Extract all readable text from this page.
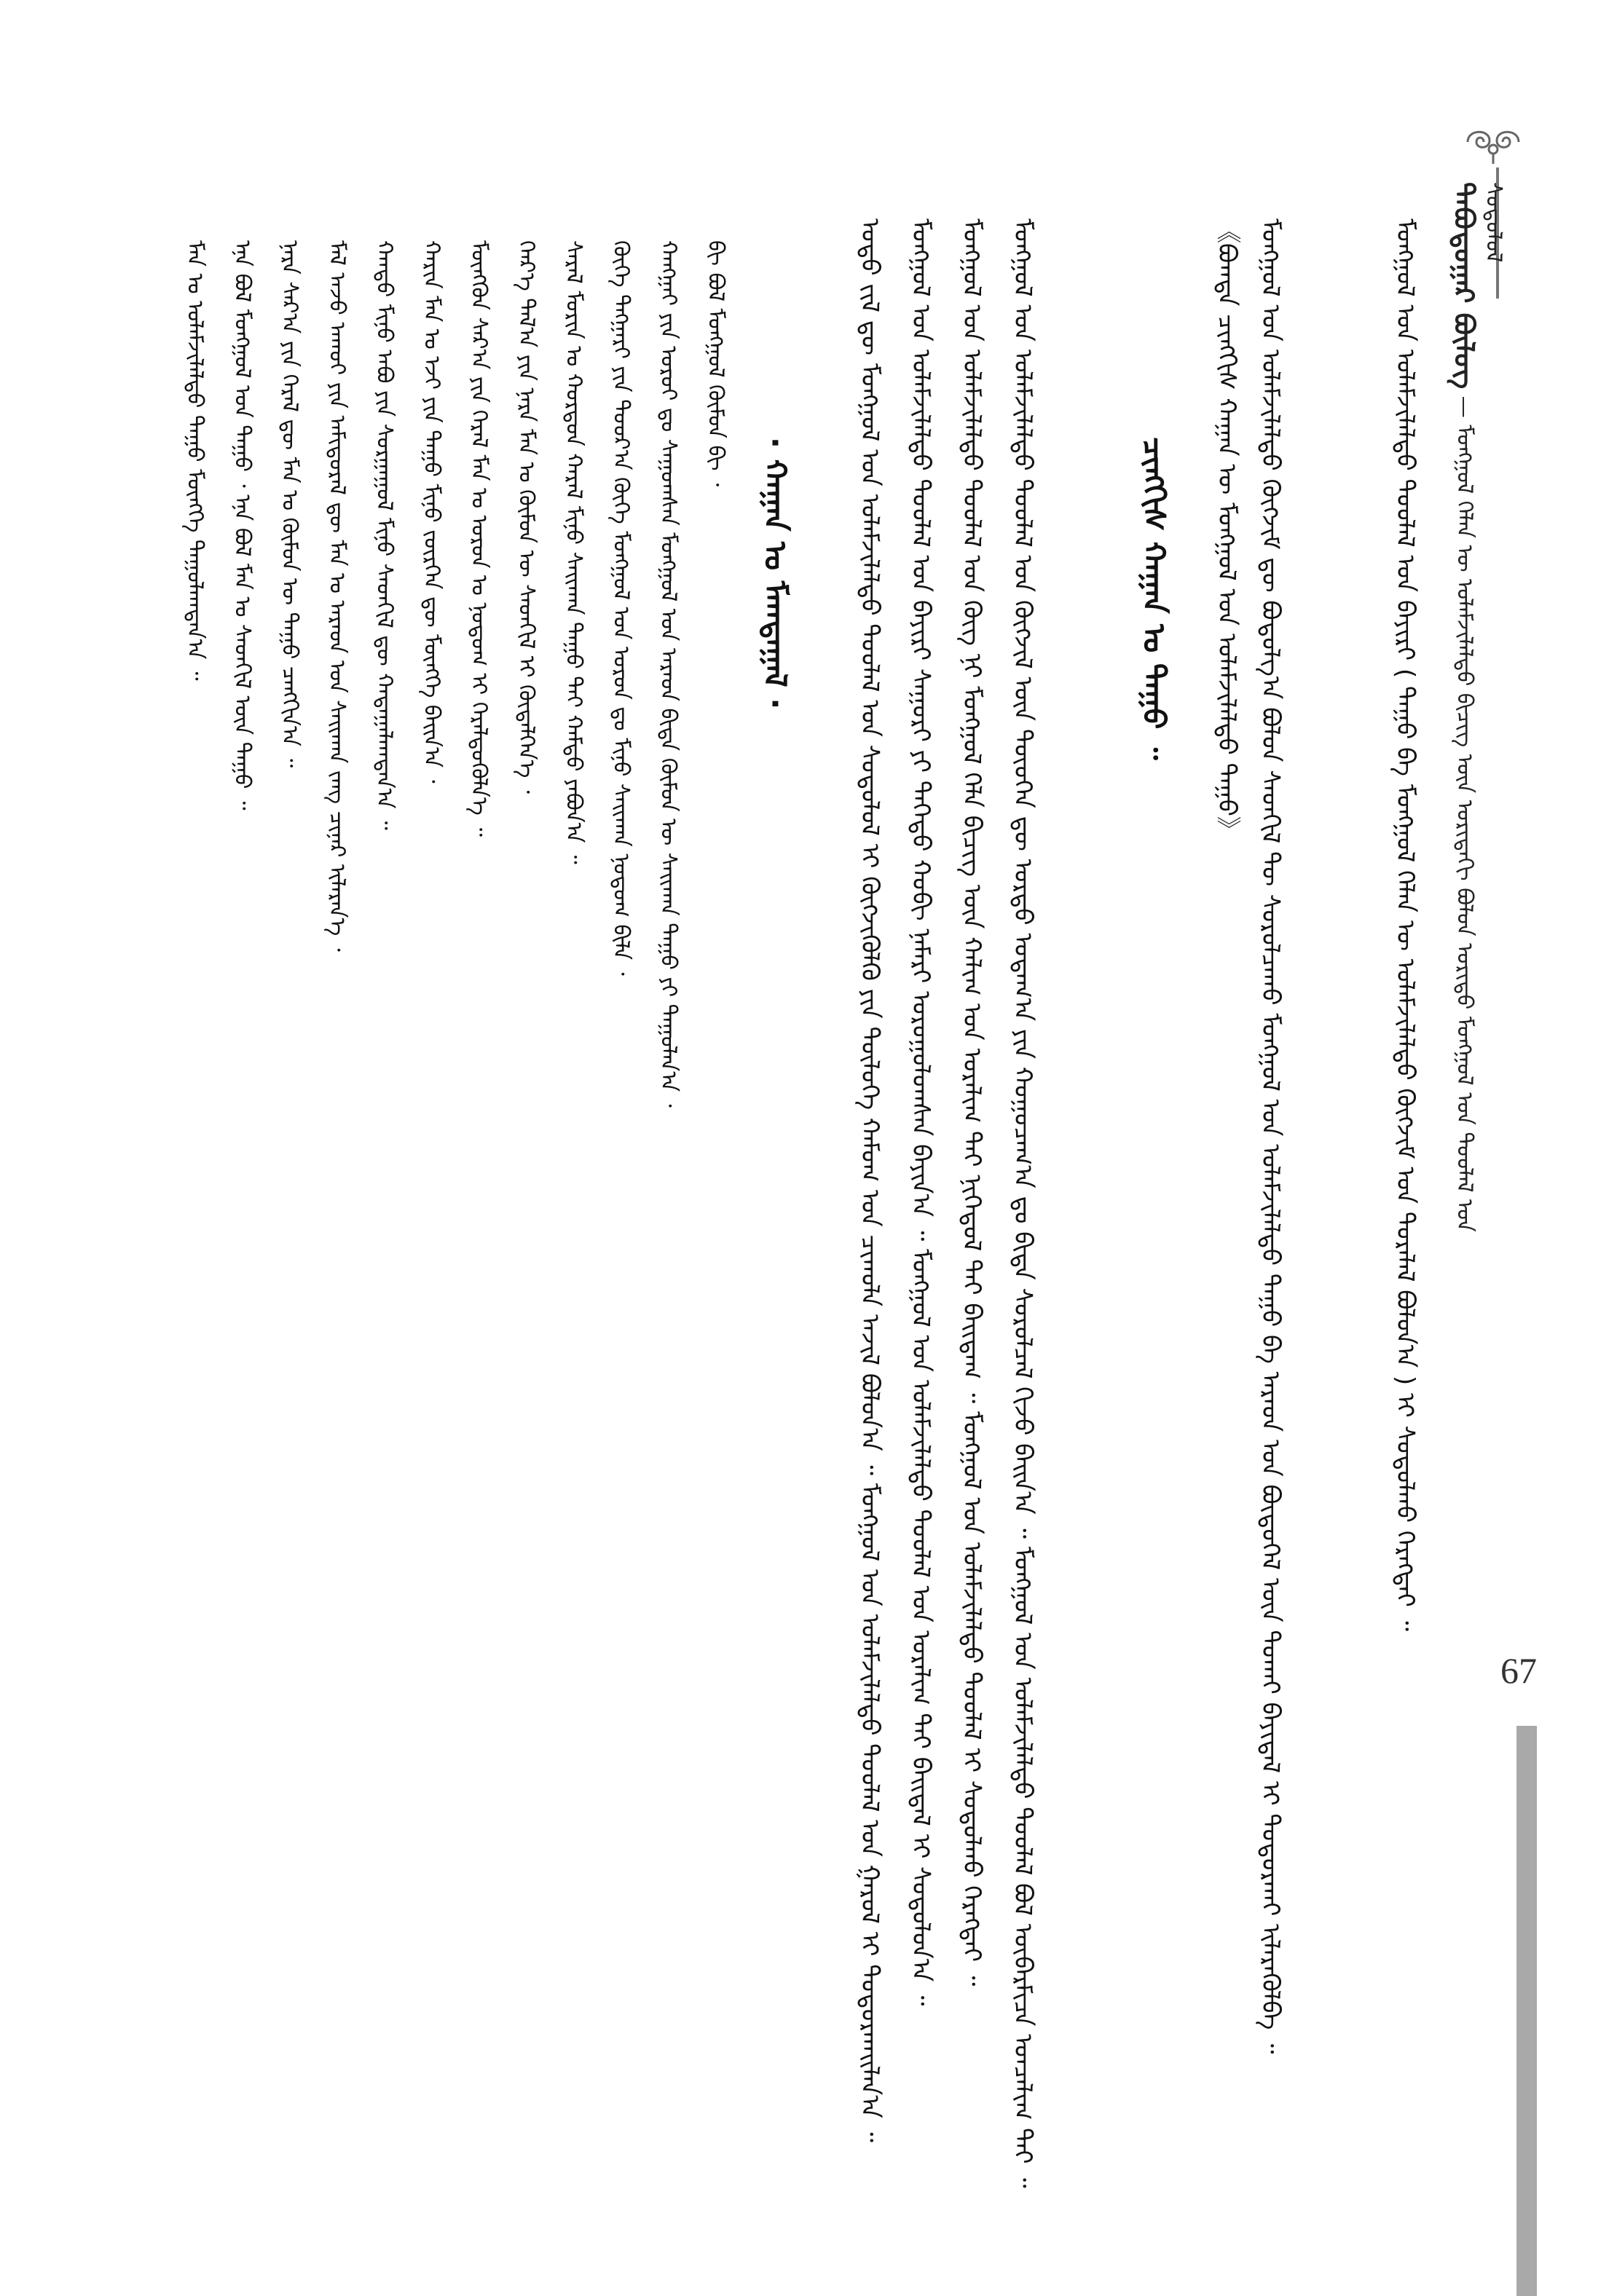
ᠲᠠᠪᠤᠳᠤᠭᠠᠷ ᠪᠦᠯᠦᠭ — ᠮᠣᠩᠭᠣᠯ ᠬᠡᠯᠡᠨ ᠦ ᠤᠯᠠᠮᠵᠢᠯᠠᠯᠲᠤ ᠪᠢᠴᠢᠭ ᠦᠨ ᠤᠷᠢᠳᠠᠬᠢ ᠪᠤᠯᠤᠨ ᠤᠷᠢᠳᠤ ᠮᠣᠩᠭᠣᠯ ᠤᠨ ᠳᠤᠤᠯᠠᠯ ᠤᠨ ᠰᠤᠳᠤᠯᠤᠯ
ᠮᠣᠩᠭᠣᠯ ᠤᠨ ᠤᠯᠠᠮᠵᠢᠯᠠᠯᠲᠤ ᠳᠤᠤᠯᠠᠯ ᠤᠨ ᠪᠠᠶᠢᠷᠢ ( ᠳᠠᠭᠤ ᠪᠠ ᠮᠣᠩᠭᠣᠯ ᠬᠡᠯᠡᠨ ᠦ ᠤᠯᠠᠮᠵᠢᠯᠠᠯᠲᠤ ᠬᠦᠭᠵᠢᠮ ᠤᠨ ᠳᠤᠷᠠᠯᠠᠯ ᠪᠤᠯᠤᠨ᠎ᠠ ) ᠢ ᠰᠤᠳᠤᠯᠬᠤ ᠬᠡᠷᠡᠭᠲᠡᠢ ᠃
ᠮᠣᠩᠭᠣᠯ ᠤᠨ ᠤᠯᠠᠮᠵᠢᠯᠠᠯᠲᠤ ᠬᠦᠭᠵᠢᠮ ᠳᠦ ᠪᠣᠳᠣᠯᠭ᠎ᠠ ᠪᠣᠯᠤᠨ ᠰᠡᠳᠭᠢᠯ ᠲᠦ ᠰᠤᠷᠤᠯᠴᠠᠬᠤ ᠮᠣᠩᠭᠣᠯ ᠤᠨ ᠤᠯᠠᠮᠵᠢᠯᠠᠯᠲᠤ ᠳᠠᠭᠤ ᠪᠠ ᠠᠷᠠᠳ ᠤᠨ ᠪᠦᠲᠦᠭᠡᠯ ᠦᠨ ᠲᠤᠬᠠᠢ ᠪᠠᠶᠢᠳᠠᠯ ᠢ ᠲᠣᠳᠣᠷᠬᠠᠶ ᠢᠯᠡᠷᠡᠭᠦᠯᠪᠡ ᠃
《ᠪᠣᠭᠳᠠ ᠴᠢᠩᠭᠢᠰ ᠬᠠᠭᠠᠨ ᠦ ᠮᠣᠩᠭᠣᠯ ᠤᠨ ᠤᠯᠠᠮᠵᠢᠯᠠᠯᠲᠤ ᠳᠠᠭᠤ》
ᠴᠢᠩᠭᠢᠰ ᠬᠠᠭᠠᠨ ᠤ ᠳᠠᠭᠤ ᠃
ᠮᠣᠩᠭᠣᠯ ᠤᠨ ᠤᠯᠠᠮᠵᠢᠯᠠᠯᠲᠤ ᠳᠤᠤᠯᠠᠯ ᠤᠨ ᠬᠥᠭᠵᠢᠯ ᠦᠨ ᠲᠦᠦᠬᠡᠨ ᠳᠦ ᠤᠷᠲᠤ ᠤᠳᠠᠭ᠎ᠠ ᠶᠢᠨ ᠬᠤᠭᠤᠴᠠᠭ᠎ᠠ ᠳᠤ ᠪᠢᠳᠡ ᠰᠤᠷᠤᠯᠴᠠᠯ ᠬᠢᠵᠦ ᠪᠠᠢᠨ᠎ᠠ ᠃ ᠮᠣᠩᠭᠣᠯ ᠤᠨ ᠤᠯᠠᠮᠵᠢᠯᠠᠯᠲᠤ ᠳᠤᠤᠯᠠᠯ ᠪᠣᠯ ᠥᠪᠡᠷᠮᠢᠴᠡ ᠣᠨᠴᠠᠯᠢᠭ ᠲᠠᠢ ᠃
ᠮᠣᠩᠭᠣᠯ ᠤᠨ ᠤᠯᠠᠮᠵᠢᠯᠠᠯᠲᠤ ᠳᠤᠤᠯᠠᠯ ᠤᠨ ᠬᠥᠭ ᠨᠢ ᠮᠣᠩᠭᠣᠯ ᠬᠡᠯᠡ ᠪᠢᠴᠢᠭ ᠦᠨ ᠬᠠᠯᠢᠭ ᠤᠨ ᠤᠷᠠᠯᠢᠭ ᠲᠠᠢ ᠨᠢᠭᠡᠳᠦᠯ ᠲᠡᠢ ᠪᠠᠢᠳᠠᠭ ᠃ ᠮᠣᠩᠭᠣᠯ ᠤᠨ ᠤᠯᠠᠮᠵᠢᠯᠠᠯᠲᠤ ᠳᠤᠤᠯᠠᠯ ᠢ ᠰᠤᠳᠤᠯᠬᠤ ᠬᠡᠷᠡᠭᠲᠡᠢ ᠃
ᠮᠣᠩᠭᠣᠯ ᠤᠨ ᠤᠯᠠᠮᠵᠢᠯᠠᠯᠲᠤ ᠳᠤᠤᠯᠠᠯ ᠤᠨ ᠪᠠᠶᠢᠷᠢ ᠰᠠᠭᠤᠷᠢ ᠶᠢ ᠳᠡᠭᠡᠳᠦ ᠬᠤᠪᠢ ᠨᠡᠮᠡᠷᠢ ᠣᠷᠣᠭᠤᠯᠤᠭᠰᠠᠨ ᠪᠠᠶᠢᠨ᠎ᠠ ᠃ ᠮᠣᠩᠭᠣᠯ ᠤᠨ ᠤᠯᠠᠮᠵᠢᠯᠠᠯᠲᠤ ᠳᠤᠤᠯᠠᠯ ᠤᠨ ᠤᠷᠠᠯᠢᠭ ᠲᠠᠢ ᠪᠠᠢᠳᠠᠯ ᠢ ᠰᠤᠳᠤᠯᠤᠨ᠎ᠠ ᠃
ᠣᠳᠣ ᠵᠢᠯ ᠳᠦ ᠮᠣᠩᠭᠣᠯ ᠤᠨ ᠤᠯᠠᠮᠵᠢᠯᠠᠯᠲᠤ ᠳᠤᠤᠯᠠᠯ ᠤᠨ ᠰᠤᠳᠤᠯᠤᠯ ᠢ ᠬᠥᠭᠵᠢᠭᠦᠯᠬᠦ ᠶᠢᠨ ᠲᠥᠯᠥᠭᠡ ᠬᠠᠮᠤᠭ ᠤᠨ ᠴᠢᠬᠤᠯᠠ ᠠᠵᠢᠯ ᠪᠣᠯᠤᠨ᠎ᠠ ᠃ ᠮᠣᠩᠭᠣᠯ ᠤᠨ ᠤᠯᠠᠮᠵᠢᠯᠠᠯᠲᠤ ᠳᠤᠤᠯᠠᠯ ᠤᠨ ᠭᠠᠷᠤᠯ ᠢ ᠲᠣᠳᠣᠷᠬᠠᠢᠯᠠᠨ᠎ᠠ ᠃
· ᠬᠠᠭᠠᠨ ᠤ ᠮᠠᠭᠲᠠᠭᠠᠯ ·
ᠪᠢ ᠪᠣᠯ ᠮᠣᠩᠭᠣᠯ ᠬᠦᠮᠦᠨ ᠪᠢ ᠂
ᠬᠠᠩᠭᠠᠢ ᠶᠢᠨ ᠣᠷᠣᠢ ᠳᠤ ᠰᠠᠭᠤᠭᠰᠠᠨ ᠮᠣᠩᠭᠣᠯ ᠤᠨ ᠠᠷᠠᠳ ᠪᠢᠳᠡ ᠬᠦᠮᠦᠨ ᠦ ᠰᠠᠢᠬᠠᠨ ᠳᠠᠭᠤ ᠶᠢ ᠳᠠᠭᠤᠯᠠᠨ᠎ᠠ ᠂
ᠬᠥᠬᠡ ᠲᠩᠭᠠᠷᠢ ᠶᠢᠨ ᠳᠣᠣᠷ᠎ᠠ ᠬᠥᠬᠡ ᠮᠣᠩᠭᠣᠯ ᠤᠨ ᠣᠷᠤᠨ ᠳᠤ ᠮᠢᠨᠤ ᠰᠠᠢᠬᠠᠨ ᠨᠤᠲᠤᠭ ᠪᠢᠯᠡ ᠂
ᠰᠠᠷᠠᠯ ᠮᠣᠷᠢᠨ ᠤ ᠬᠤᠷᠳᠤᠨ ᠬᠠᠷᠠᠯ ᠮᠢᠨᠤ ᠰᠠᠢᠬᠠᠨ ᠳᠠᠭᠤ ᠲᠠᠢ ᠬᠠᠮᠲᠤ ᠶᠠᠪᠤᠨ᠎ᠠ ᠃
ᠬᠡᠡᠷ᠎ᠡ ᠲᠠᠯ᠎ᠠ ᠶᠢᠨ ᠨᠠᠷᠠ ᠮᠠᠨ ᠤ ᠬᠦᠮᠦᠨ ᠦ ᠰᠡᠳᠬᠢᠯ ᠢ ᠬᠥᠳᠡᠯᠭᠡᠨ᠎ᠡ ᠂
ᠮᠥᠩᠭᠦᠨ ᠰᠠᠷ᠎ᠠ ᠶᠢᠨ ᠭᠡᠷᠡᠯ ᠮᠠᠨ ᠤ ᠣᠷᠣᠨ ᠤ ᠨᠤᠲᠤᠭ ᠢ ᠭᠡᠷᠡᠯᠲᠦᠭᠦᠯᠨ᠎ᠡ ᠃
ᠬᠠᠷᠢᠨ ᠮᠠᠨ ᠤ ᠡᠵᠢ ᠶᠢᠨ ᠳᠠᠭᠤ ᠮᠢᠨᠤ ᠵᠦᠷᠬᠡᠨ ᠳᠦ ᠮᠥᠩᠬᠡ ᠪᠠᠢᠨ᠎ᠠ ᠂
ᠬᠠᠨᠳᠤ ᠮᠢᠨᠤ ᠠᠪᠤ ᠶᠢᠨ ᠰᠤᠷᠭᠠᠭᠤᠯ ᠮᠢᠨᠤ ᠰᠡᠳᠬᠢᠯ ᠳᠦ ᠬᠠᠳᠠᠭᠠᠯᠠᠭᠳᠠᠨ᠎ᠠ ᠃
ᠮᠠᠯ ᠠᠵᠤ ᠠᠬᠤᠢ ᠶᠢᠨ ᠠᠮᠢᠳᠤᠷᠠᠯ ᠳᠦ ᠮᠠᠨ ᠤ ᠠᠷᠠᠳ ᠤᠨ ᠰᠠᠢᠬᠠᠨ ᠵᠠᠩ ᠴᠢᠨᠠᠷ ᠢᠯᠡᠷᠡᠨ᠎ᠡ ᠂
ᠨᠠᠷᠠ ᠰᠠᠷ᠎ᠠ ᠶᠢᠨ ᠭᠡᠷᠡᠯ ᠳᠦ ᠮᠠᠨ ᠤ ᠬᠦᠮᠦᠨ ᠦ ᠳᠠᠭᠤ ᠴᠠᠩᠭᠢᠨ᠎ᠠ ᠃
ᠡᠨᠡ ᠪᠣᠯ ᠮᠣᠩᠭᠣᠯ ᠤᠨ ᠳᠠᠭᠤ ᠂ ᠡᠨᠡ ᠪᠣᠯ ᠮᠠᠨ ᠤ ᠰᠡᠳᠬᠢᠯ ᠦᠨ ᠳᠠᠭᠤ ᠃
ᠮᠠᠨ ᠤ ᠤᠯᠠᠮᠵᠢᠯᠠᠯᠲᠤ ᠳᠠᠭᠤ ᠮᠥᠩᠬᠡ ᠳᠠᠭᠤᠯᠠᠭᠳᠠᠨ᠎ᠠ ᠃
67
